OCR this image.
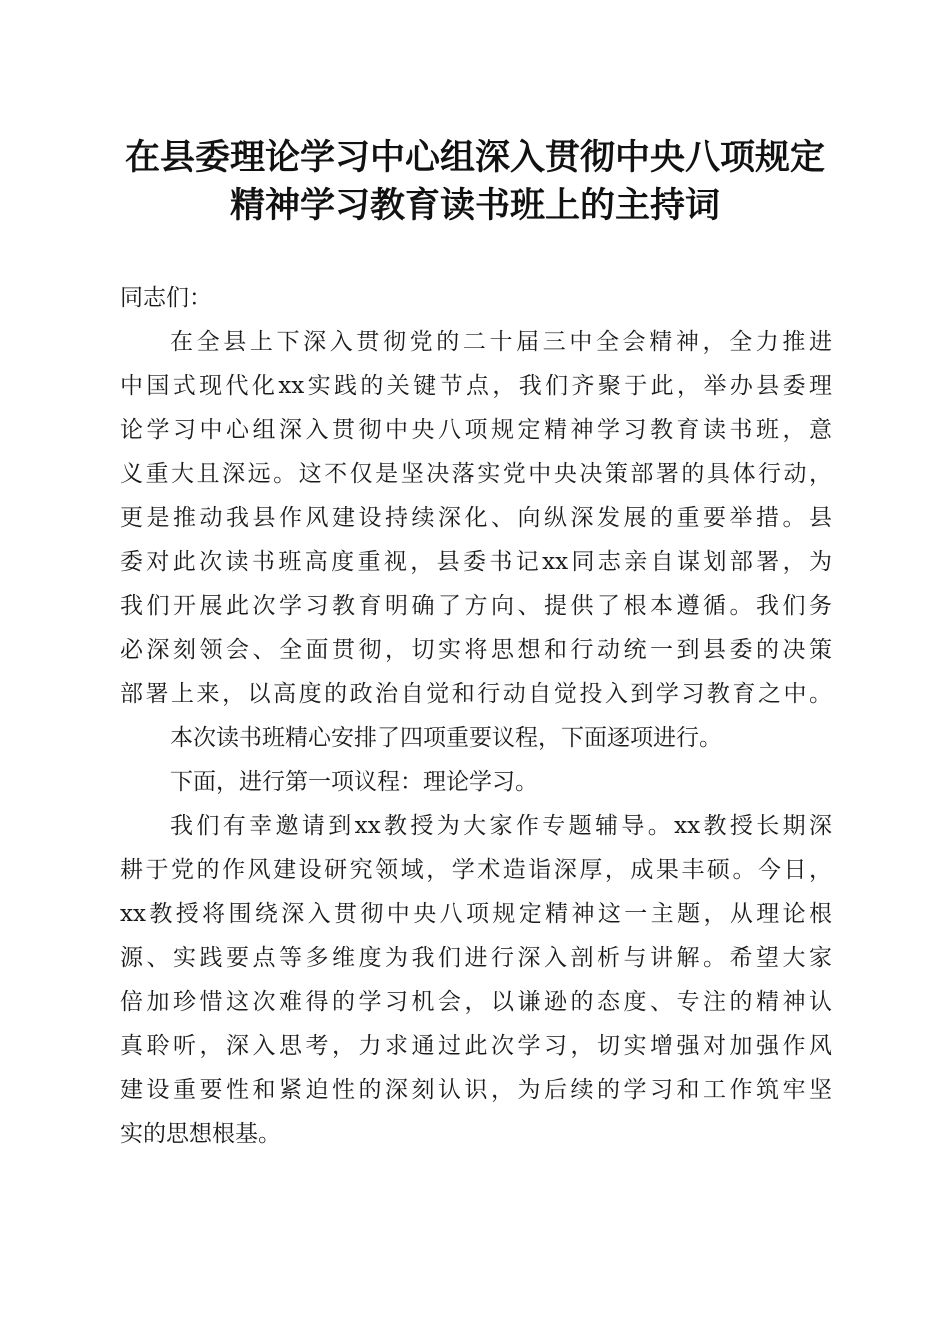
在县委理论学习中心组深入贯彻中央八项规定
精神学习教育读书班上的主持词

同志们：

在全县上下深入贯彻党的二十届三中全会精神，全力推进

中国式现代化xx实践的关键节点，我们齐聚于此，举办县委理

论学习中心组深入贯彻中央八项规定精神学习教育读书班，意

义重大且深远。这不仅是坚决落实党中央决策部署的具体行动，

更是推动我县作风建设持续深化、向纵深发展的重要举措。县

委对此次读书班高度重视，县委书记xx同志亲自谋划部署，为

我们开展此次学习教育明确了方向、提供了根本遵循。我们务

必深刻领会、全面贯彻，切实将思想和行动统一到县委的决策

部署上来，以高度的政治自觉和行动自觉投入到学习教育之中。

本次读书班精心安排了四项重要议程，下面逐项进行。

下面，进行第一项议程：理论学习。

我们有幸邀请到xx教授为大家作专题辅导。xx教授长期深

耕于党的作风建设研究领域，学术造诣深厚，成果丰硕。今日，

xx教授将围绕深入贯彻中央八项规定精神这一主题，从理论根

源、实践要点等多维度为我们进行深入剖析与讲解。希望大家

倍加珍惜这次难得的学习机会，以谦逊的态度、专注的精神认

真聆听，深入思考，力求通过此次学习，切实增强对加强作风

建设重要性和紧迫性的深刻认识，为后续的学习和工作筑牢坚

实的思想根基。
